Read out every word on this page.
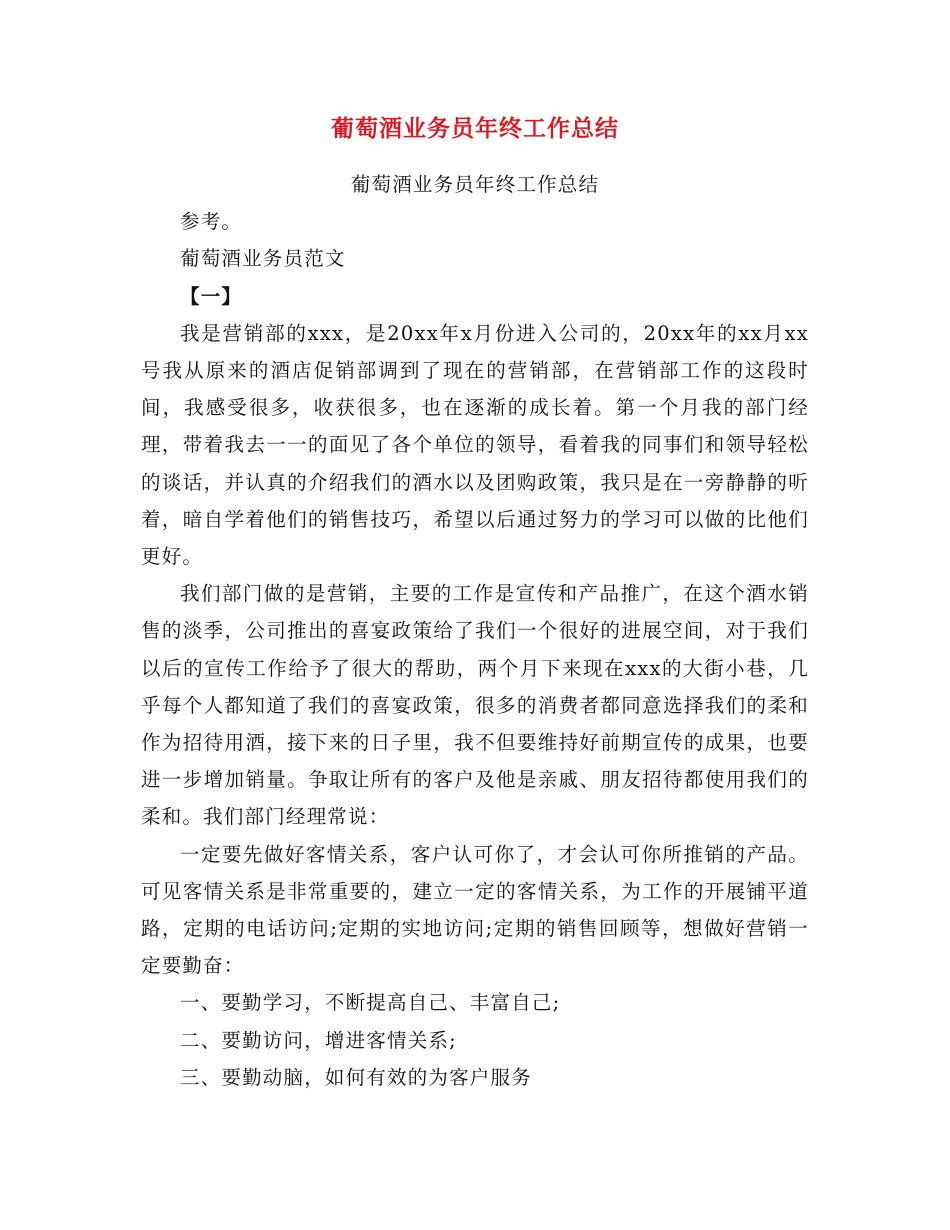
葡萄酒业务员年终工作总结

葡萄酒业务员年终工作总结

参考。

葡萄酒业务员范文

【一】

我是营销部的xxx，是20xx年x月份进入公司的，20xx年的xx月xx号我从原来的酒店促销部调到了现在的营销部，在营销部工作的这段时间，我感受很多，收获很多，也在逐渐的成长着。第一个月我的部门经理，带着我去一一的面见了各个单位的领导，看着我的同事们和领导轻松的谈话，并认真的介绍我们的酒水以及团购政策，我只是在一旁静静的听着，暗自学着他们的销售技巧，希望以后通过努力的学习可以做的比他们更好。

我们部门做的是营销，主要的工作是宣传和产品推广，在这个酒水销售的淡季，公司推出的喜宴政策给了我们一个很好的进展空间，对于我们以后的宣传工作给予了很大的帮助，两个月下来现在xxx的大街小巷，几乎每个人都知道了我们的喜宴政策，很多的消费者都同意选择我们的柔和作为招待用酒，接下来的日子里，我不但要维持好前期宣传的成果，也要进一步增加销量。争取让所有的客户及他是亲戚、朋友招待都使用我们的柔和。我们部门经理常说：

一定要先做好客情关系，客户认可你了，才会认可你所推销的产品。 可见客情关系是非常重要的，建立一定的客情关系，为工作的开展铺平道路，定期的电话访问;定期的实地访问;定期的销售回顾等，想做好营销一定要勤奋：

一、要勤学习，不断提高自己、丰富自己;

二、要勤访问，增进客情关系;

三、要勤动脑，如何有效的为客户服务
